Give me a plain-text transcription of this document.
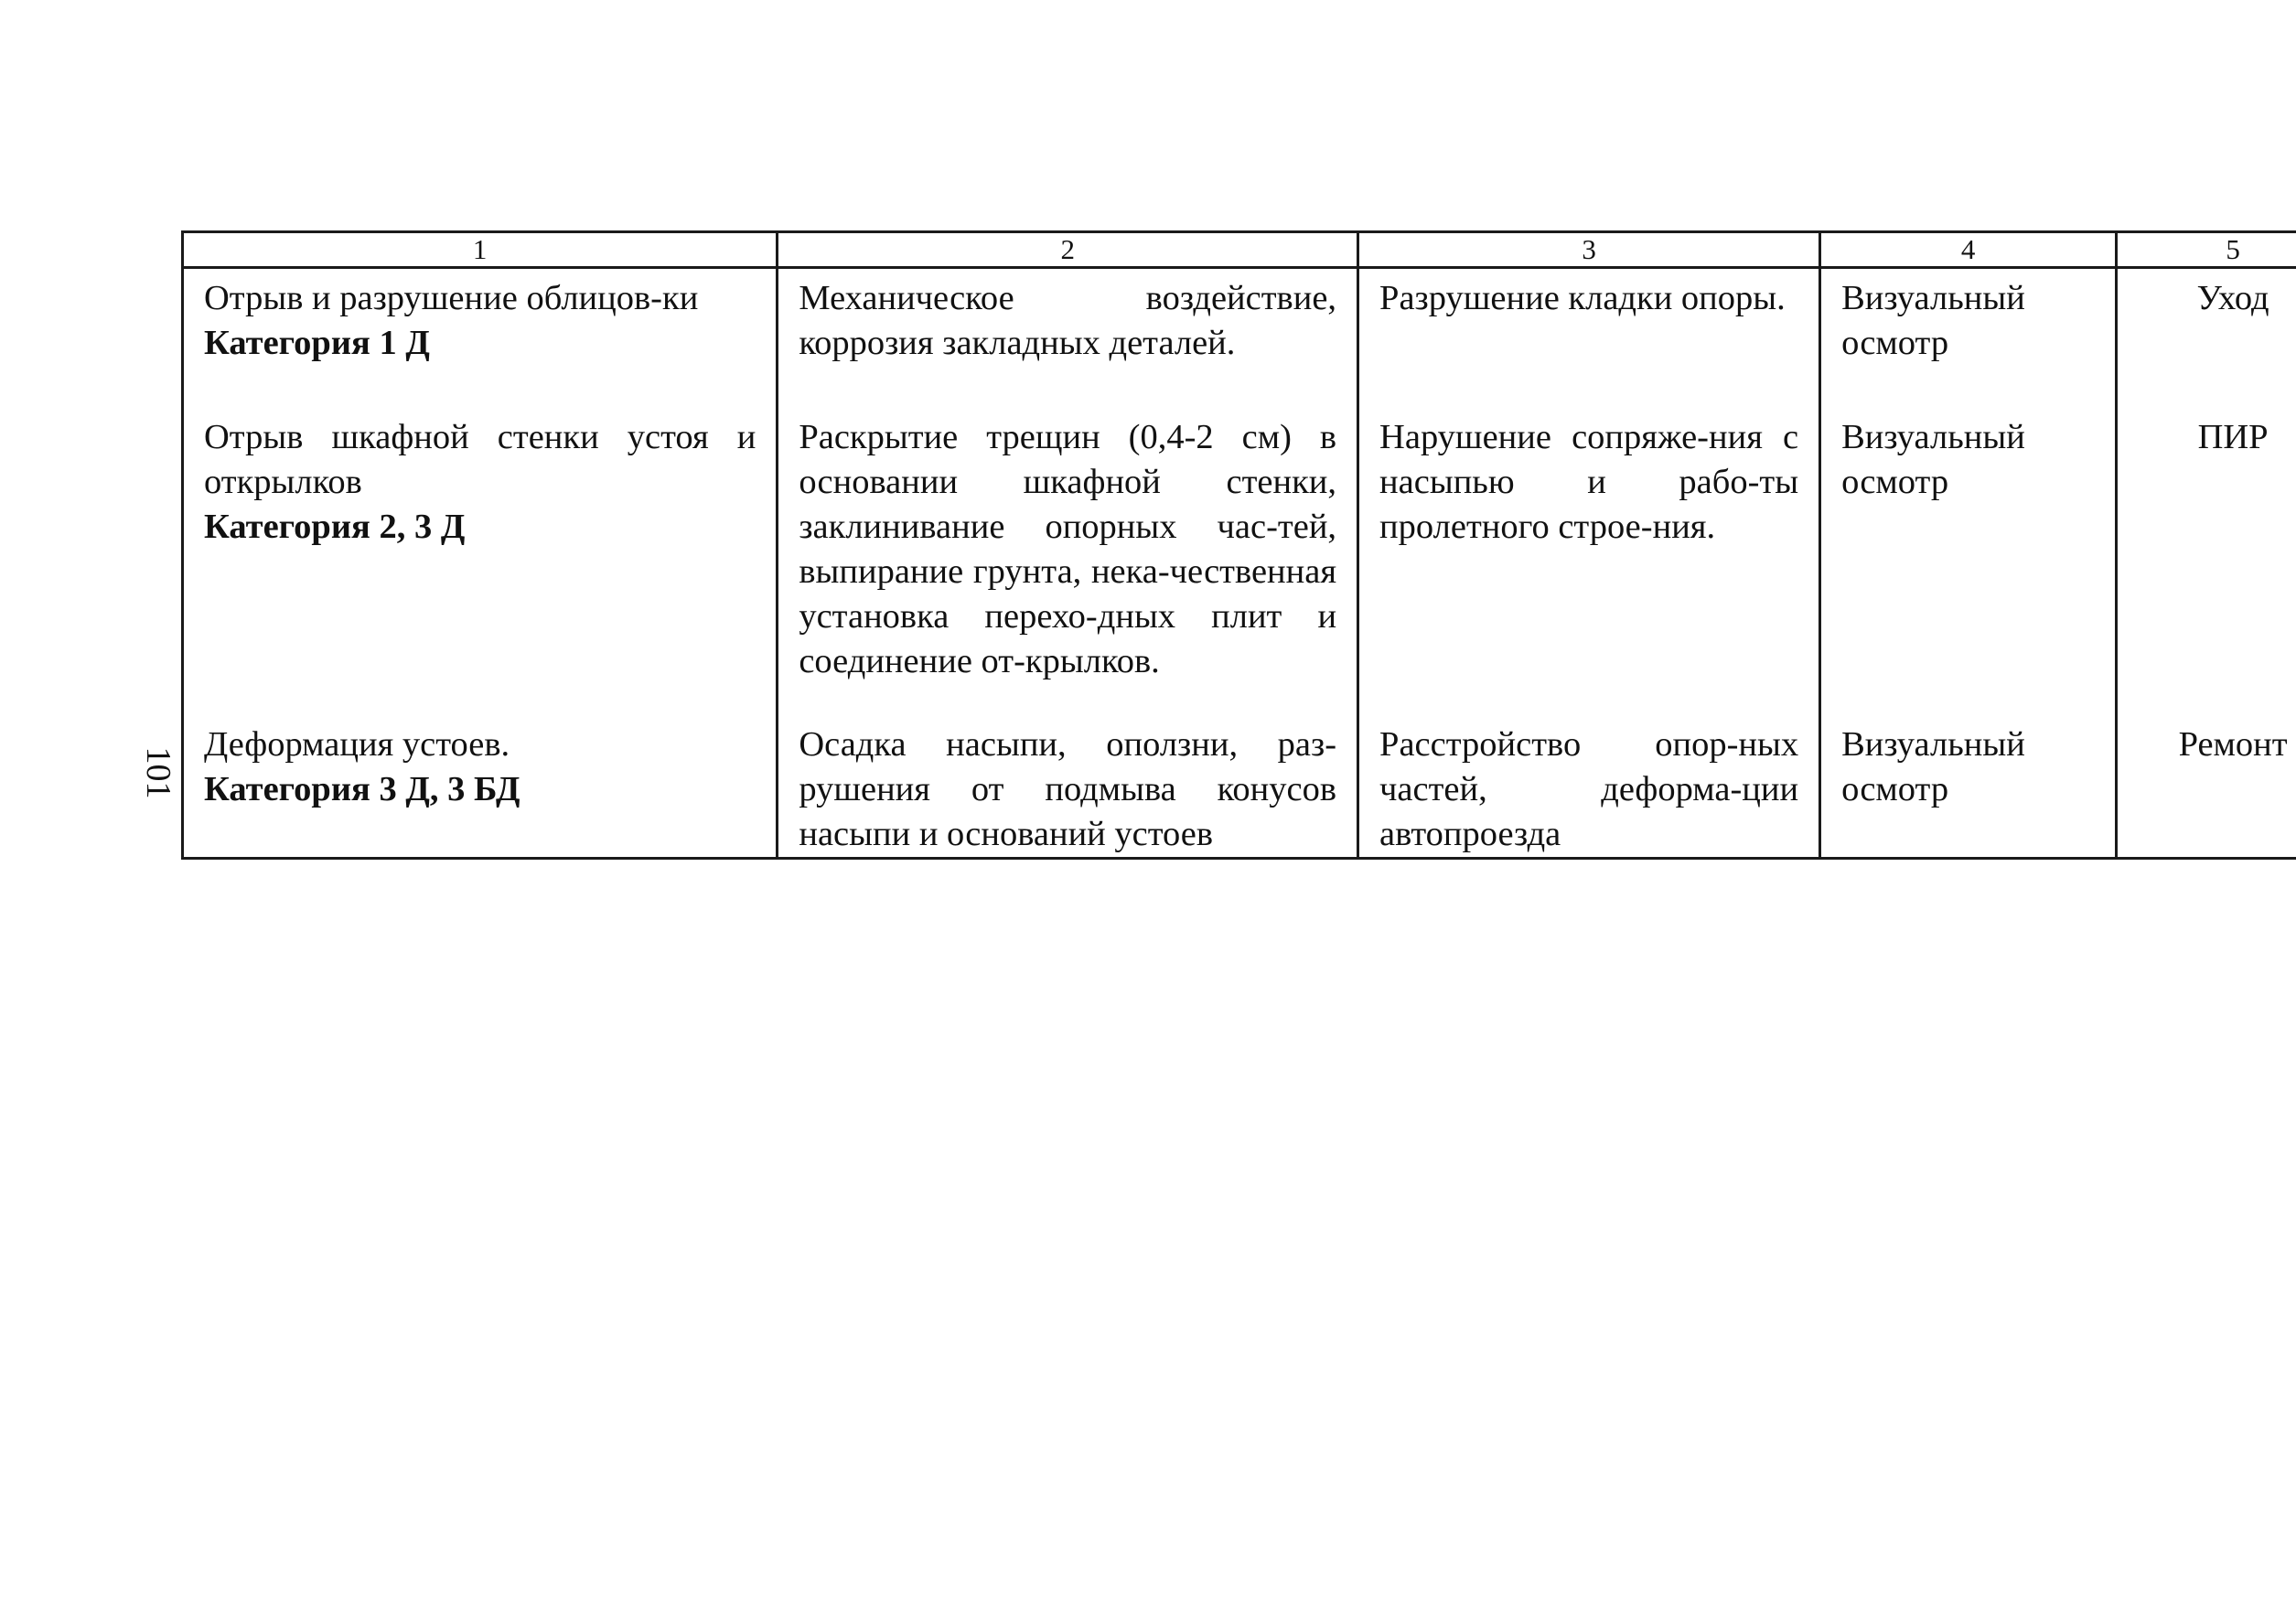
101
1	2	3	4	5

Отрыв и разрушение облицов-ки
Категория 1 Д	Механическое воздействие, коррозия закладных деталей.	Разрушение кладки опоры.	Визуальный осмотр	Уход

Отрыв шкафной стенки устоя и открылков
Категория 2, 3 Д	Раскрытие трещин (0,4-2 см) в основании шкафной стенки, заклинивание опорных час-тей, выпирание грунта, нека-чественная установка перехо-дных плит и соединение от-крылков.	Нарушение сопряже-ния с насыпью и рабо-ты пролетного строе-ния.	Визуальный осмотр	ПИР

Деформация устоев.
Категория 3 Д, 3 БД	Осадка насыпи, оползни, раз-рушения от подмыва конусов насыпи и оснований устоев	Расстройство опор-ных частей, деформа-ции автопроезда	Визуальный осмотр	Ремонт
